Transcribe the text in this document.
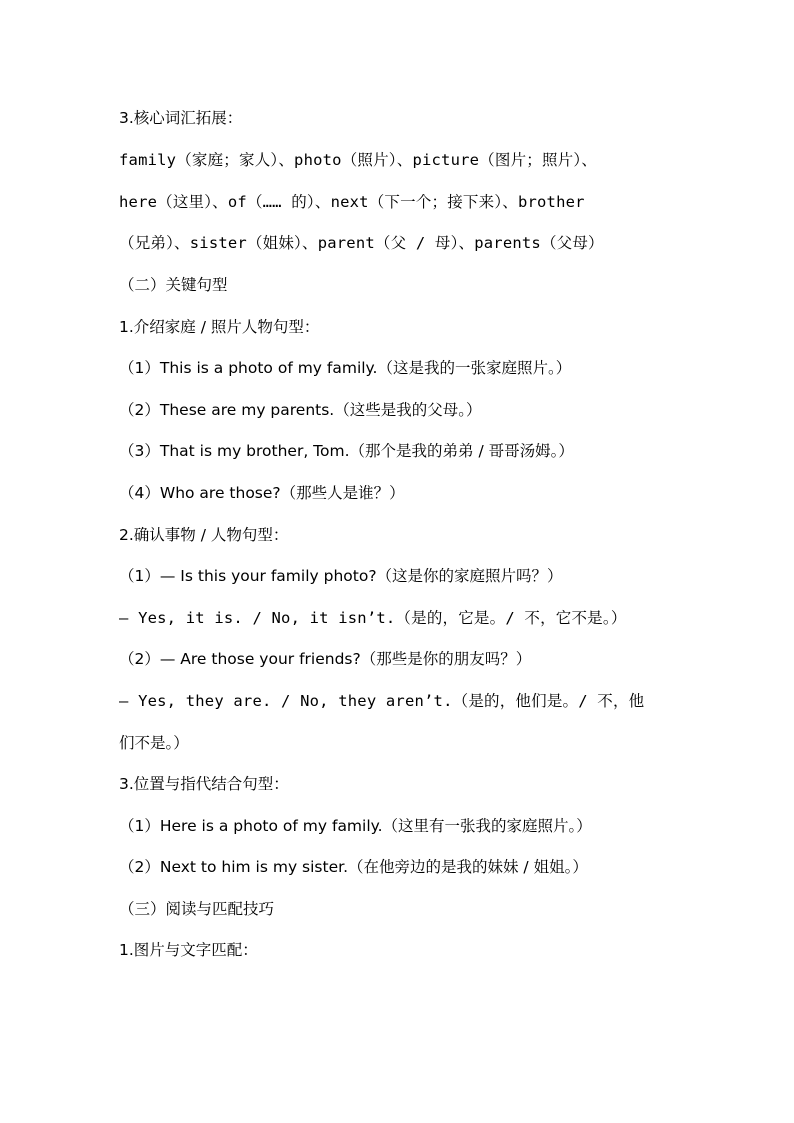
3.核心词汇拓展：
family（家庭；家人）、photo（照片）、picture（图片；照片）、
here（这里）、of（…… 的）、next（下一个；接下来）、brother
（兄弟）、sister（姐妹）、parent（父 / 母）、parents（父母）
（二）关键句型
1.介绍家庭 / 照片人物句型：
（1）This is a photo of my family.（这是我的一张家庭照片。）
（2）These are my parents.（这些是我的父母。）
（3）That is my brother, Tom.（那个是我的弟弟 / 哥哥汤姆。）
（4）Who are those?（那些人是谁？）
2.确认事物 / 人物句型：
（1）— Is this your family photo?（这是你的家庭照片吗？）
— Yes, it is. / No, it isn’t.（是的，它是。/ 不，它不是。）
（2）— Are those your friends?（那些是你的朋友吗？）
— Yes, they are. / No, they aren’t.（是的，他们是。/ 不，他
们不是。）
3.位置与指代结合句型：
（1）Here is a photo of my family.（这里有一张我的家庭照片。）
（2）Next to him is my sister.（在他旁边的是我的妹妹 / 姐姐。）
（三）阅读与匹配技巧
1.图片与文字匹配：
